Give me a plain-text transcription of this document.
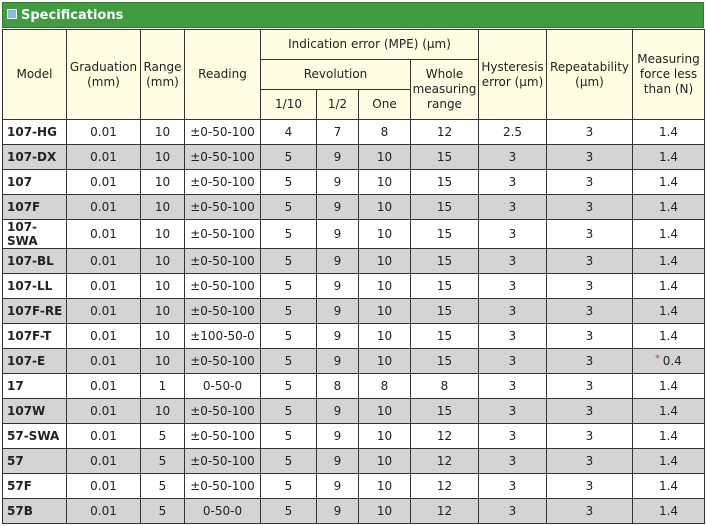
Specifications
Model	Graduation (mm)	Range (mm)	Reading	Indication error (MPE) (µm)				Hysteresis error (µm)	Repeatability (µm)	Measuring force less than (N)
				Revolution			Whole measuring range			
				1/10	1/2	One				
107-HG	0.01	10	±0-50-100	4	7	8	12	2.5	3	1.4
107-DX	0.01	10	±0-50-100	5	9	10	15	3	3	1.4
107	0.01	10	±0-50-100	5	9	10	15	3	3	1.4
107F	0.01	10	±0-50-100	5	9	10	15	3	3	1.4
107-SWA	0.01	10	±0-50-100	5	9	10	15	3	3	1.4
107-BL	0.01	10	±0-50-100	5	9	10	15	3	3	1.4
107-LL	0.01	10	±0-50-100	5	9	10	15	3	3	1.4
107F-RE	0.01	10	±0-50-100	5	9	10	15	3	3	1.4
107F-T	0.01	10	±100-50-0	5	9	10	15	3	3	1.4
107-E	0.01	10	±0-50-100	5	9	10	15	3	3	* 0.4
17	0.01	1	0-50-0	5	8	8	8	3	3	1.4
107W	0.01	10	±0-50-100	5	9	10	15	3	3	1.4
57-SWA	0.01	5	±0-50-100	5	9	10	12	3	3	1.4
57	0.01	5	±0-50-100	5	9	10	12	3	3	1.4
57F	0.01	5	±0-50-100	5	9	10	12	3	3	1.4
57B	0.01	5	0-50-0	5	9	10	12	3	3	1.4
